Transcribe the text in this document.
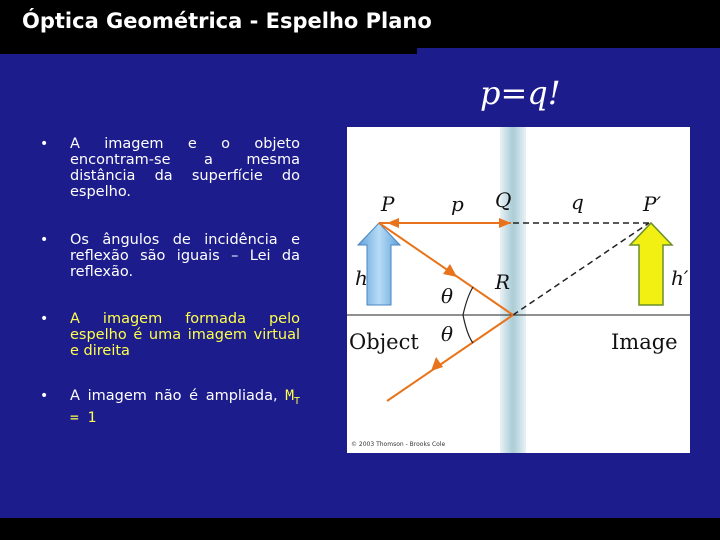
Óptica Geométrica - Espelho Plano
p=q!
• A imagem e o objeto encontram-se a mesma distância da superfície do espelho.
• Os ângulos de incidência e reflexão são iguais – Lei da reflexão.
• A imagem formada pelo espelho é uma imagem virtual e direita
• A imagem não é ampliada, $M_T = 1$
P	p Q	q	P′
h	h′
R
θ
θ
Object	Image
© 2003 Thomson - Brooks Cole
